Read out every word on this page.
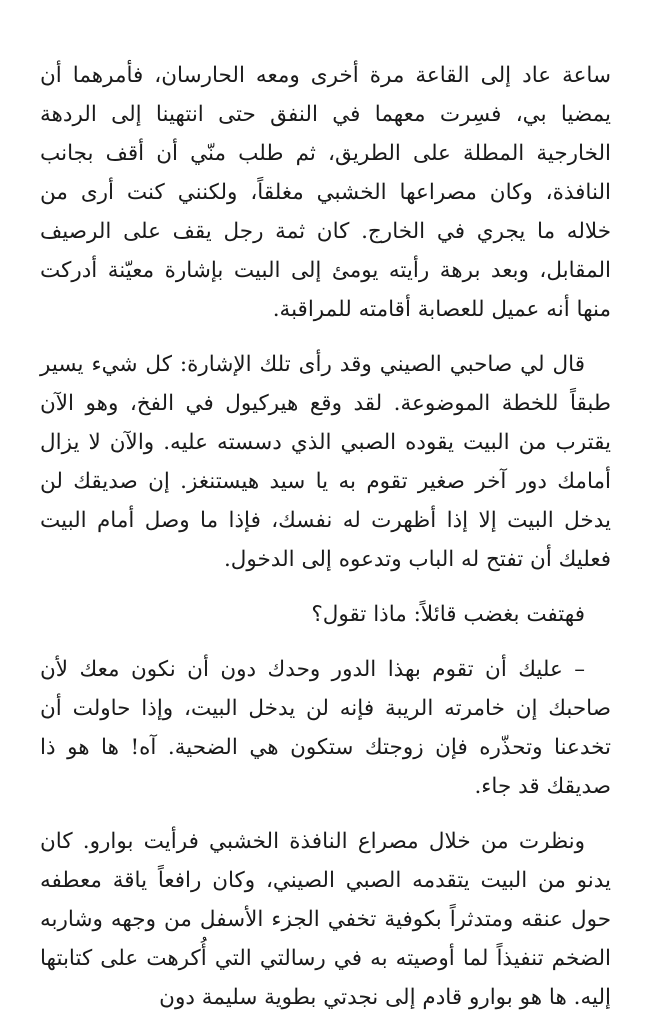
ساعة عاد إلى القاعة مرة أخرى ومعه الحارسان، فأمرهما أن يمضيا بي، فسِرت معهما في النفق حتى انتهينا إلى الردهة الخارجية المطلة على الطريق، ثم طلب منّي أن أقف بجانب النافذة، وكان مصراعها الخشبي مغلقاً، ولكنني كنت أرى من خلاله ما يجري في الخارج. كان ثمة رجل يقف على الرصيف المقابل، وبعد برهة رأيته يومئ إلى البيت بإشارة معيّنة أدركت منها أنه عميل للعصابة أقامته للمراقبة.

قال لي صاحبي الصيني وقد رأى تلك الإشارة: كل شيء يسير طبقاً للخطة الموضوعة. لقد وقع هيركيول في الفخ، وهو الآن يقترب من البيت يقوده الصبي الذي دسسته عليه. والآن لا يزال أمامك دور آخر صغير تقوم به يا سيد هيستنغز. إن صديقك لن يدخل البيت إلا إذا أظهرت له نفسك، فإذا ما وصل أمام البيت فعليك أن تفتح له الباب وتدعوه إلى الدخول.

فهتفت بغضب قائلاً: ماذا تقول؟

– عليك أن تقوم بهذا الدور وحدك دون أن نكون معك لأن صاحبك إن خامرته الريبة فإنه لن يدخل البيت، وإذا حاولت أن تخدعنا وتحذّره فإن زوجتك ستكون هي الضحية. آه! ها هو ذا صديقك قد جاء.

ونظرت من خلال مصراع النافذة الخشبي فرأيت بوارو. كان يدنو من البيت يتقدمه الصبي الصيني، وكان رافعاً ياقة معطفه حول عنقه ومتدثراً بكوفية تخفي الجزء الأسفل من وجهه وشاربه الضخم تنفيذاً لما أوصيته به في رسالتي التي أُكرهت على كتابتها إليه. ها هو بوارو قادم إلى نجدتي بطوية سليمة دون
